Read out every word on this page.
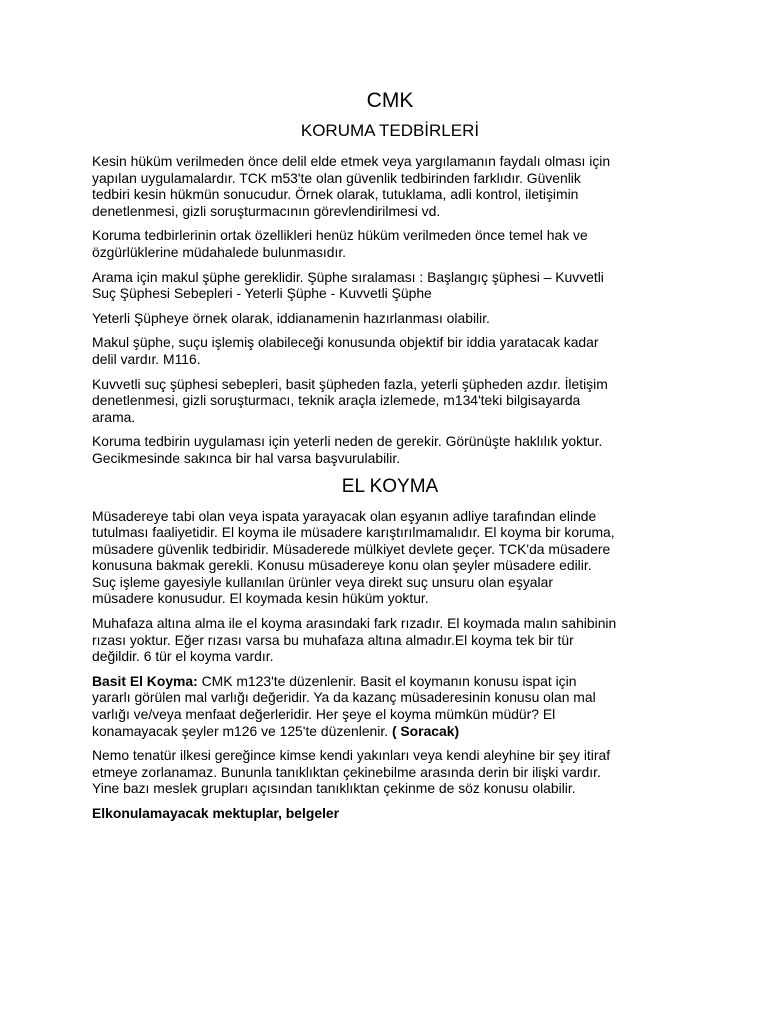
CMK
KORUMA TEDBİRLERİ

Kesin hüküm verilmeden önce delil elde etmek veya yargılamanın faydalı olması için
yapılan uygulamalardır. TCK m53'te olan güvenlik tedbirinden farklıdır. Güvenlik
tedbiri kesin hükmün sonucudur. Örnek olarak, tutuklama, adli kontrol, iletişimin
denetlenmesi, gizli soruşturmacının görevlendirilmesi vd.

Koruma tedbirlerinin ortak özellikleri henüz hüküm verilmeden önce temel hak ve
özgürlüklerine müdahalede bulunmasıdır.

Arama için makul şüphe gereklidir. Şüphe sıralaması : Başlangıç şüphesi – Kuvvetli
Suç Şüphesi Sebepleri - Yeterli Şüphe - Kuvvetli Şüphe

Yeterli Şüpheye örnek olarak, iddianamenin hazırlanması olabilir.

Makul şüphe, suçu işlemiş olabileceği konusunda objektif bir iddia yaratacak kadar
delil vardır. M116.

Kuvvetli suç şüphesi sebepleri, basit şüpheden fazla, yeterli şüpheden azdır. İletişim
denetlenmesi, gizli soruşturmacı, teknik araçla izlemede, m134'teki bilgisayarda
arama.

Koruma tedbirin uygulaması için yeterli neden de gerekir. Görünüşte haklılık yoktur.
Gecikmesinde sakınca bir hal varsa başvurulabilir.

EL KOYMA

Müsadereye tabi olan veya ispata yarayacak olan eşyanın adliye tarafından elinde
tutulması faaliyetidir. El koyma ile müsadere karıştırılmamalıdır. El koyma bir koruma,
müsadere güvenlik tedbiridir. Müsaderede mülkiyet devlete geçer. TCK'da müsadere
konusuna bakmak gerekli. Konusu müsadereye konu olan şeyler müsadere edilir.
Suç işleme gayesiyle kullanılan ürünler veya direkt suç unsuru olan eşyalar
müsadere konusudur. El koymada kesin hüküm yoktur.

Muhafaza altına alma ile el koyma arasındaki fark rızadır. El koymada malın sahibinin
rızası yoktur. Eğer rızası varsa bu muhafaza altına almadır.El koyma tek bir tür
değildir. 6 tür el koyma vardır.

Basit El Koyma: CMK m123'te düzenlenir. Basit el koymanın konusu ispat için
yararlı görülen mal varlığı değeridir. Ya da kazanç müsaderesinin konusu olan mal
varlığı ve/veya menfaat değerleridir. Her şeye el koyma mümkün müdür? El
konamayacak şeyler m126 ve 125'te düzenlenir. ( Soracak)

Nemo tenatür ilkesi gereğince kimse kendi yakınları veya kendi aleyhine bir şey itiraf
etmeye zorlanamaz. Bununla tanıklıktan çekinebilme arasında derin bir ilişki vardır.
Yine bazı meslek grupları açısından tanıklıktan çekinme de söz konusu olabilir.

Elkonulamayacak mektuplar, belgeler
